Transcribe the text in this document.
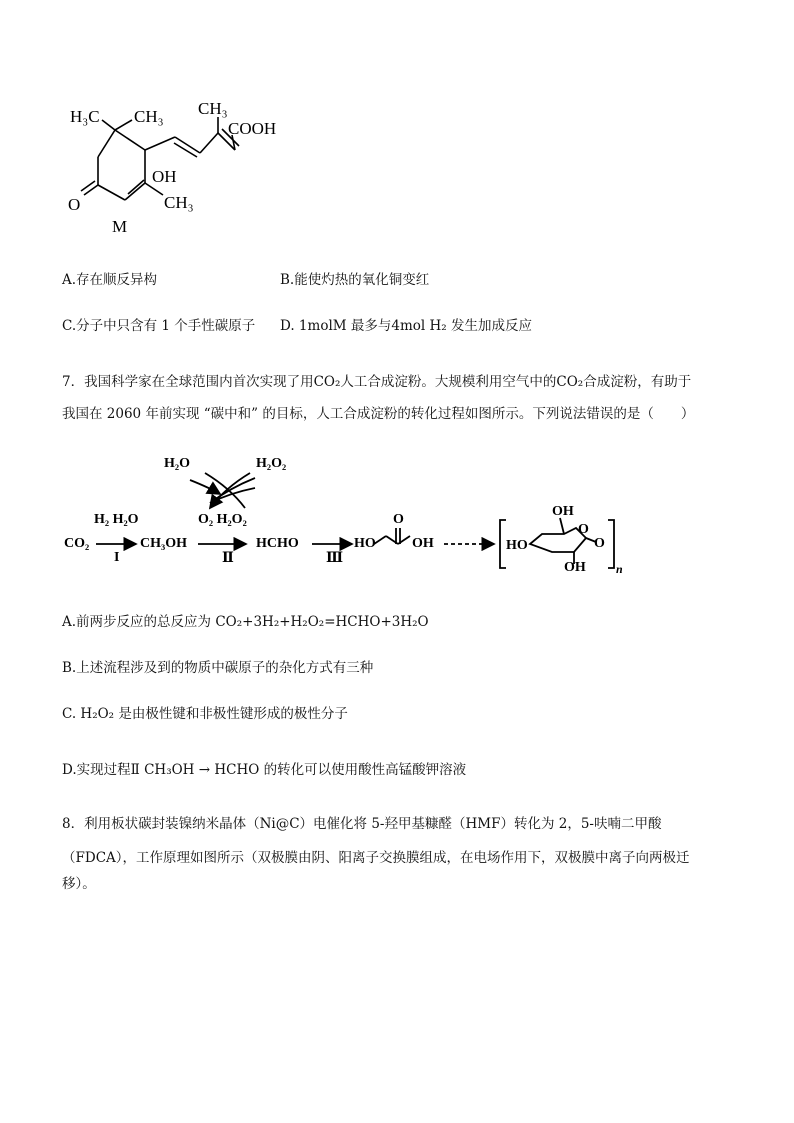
H₃C CH₃ CH₃
COOH
OH
CH₃
O
M
A.存在顺反异构	B.能使灼热的氧化铜变红
C.分子中只含有 1 个手性碳原子 D. 1molM 最多与4mol H₂ 发生加成反应
7．我国科学家在全球范围内首次实现了用CO₂人工合成淀粉。大规模利用空气中的CO₂合成淀粉，有助于
我国在 2060 年前实现 “碳中和” 的目标，人工合成淀粉的转化过程如图所示。下列说法错误的是（　　）
H₂O	H₂O₂
CO₂
H₂ H₂O
I
CH₃OH
O₂ H₂O₂
Ⅱ
HCHO
Ⅲ
HO
O
OH
OH
HO
O
O
OH	n
A.前两步反应的总反应为 CO₂+3H₂+H₂O₂=HCHO+3H₂O
B.上述流程涉及到的物质中碳原子的杂化方式有三种
C. H₂O₂ 是由极性键和非极性键形成的极性分子
D.实现过程Ⅱ CH₃OH → HCHO 的转化可以使用酸性高锰酸钾溶液
8．利用板状碳封装镍纳米晶体（Ni@C）电催化将 5-羟甲基糠醛（HMF）转化为 2，5-呋喃二甲酸
（FDCA），工作原理如图所示（双极膜由阴、阳离子交换膜组成，在电场作用下，双极膜中离子向两极迁
移）。
